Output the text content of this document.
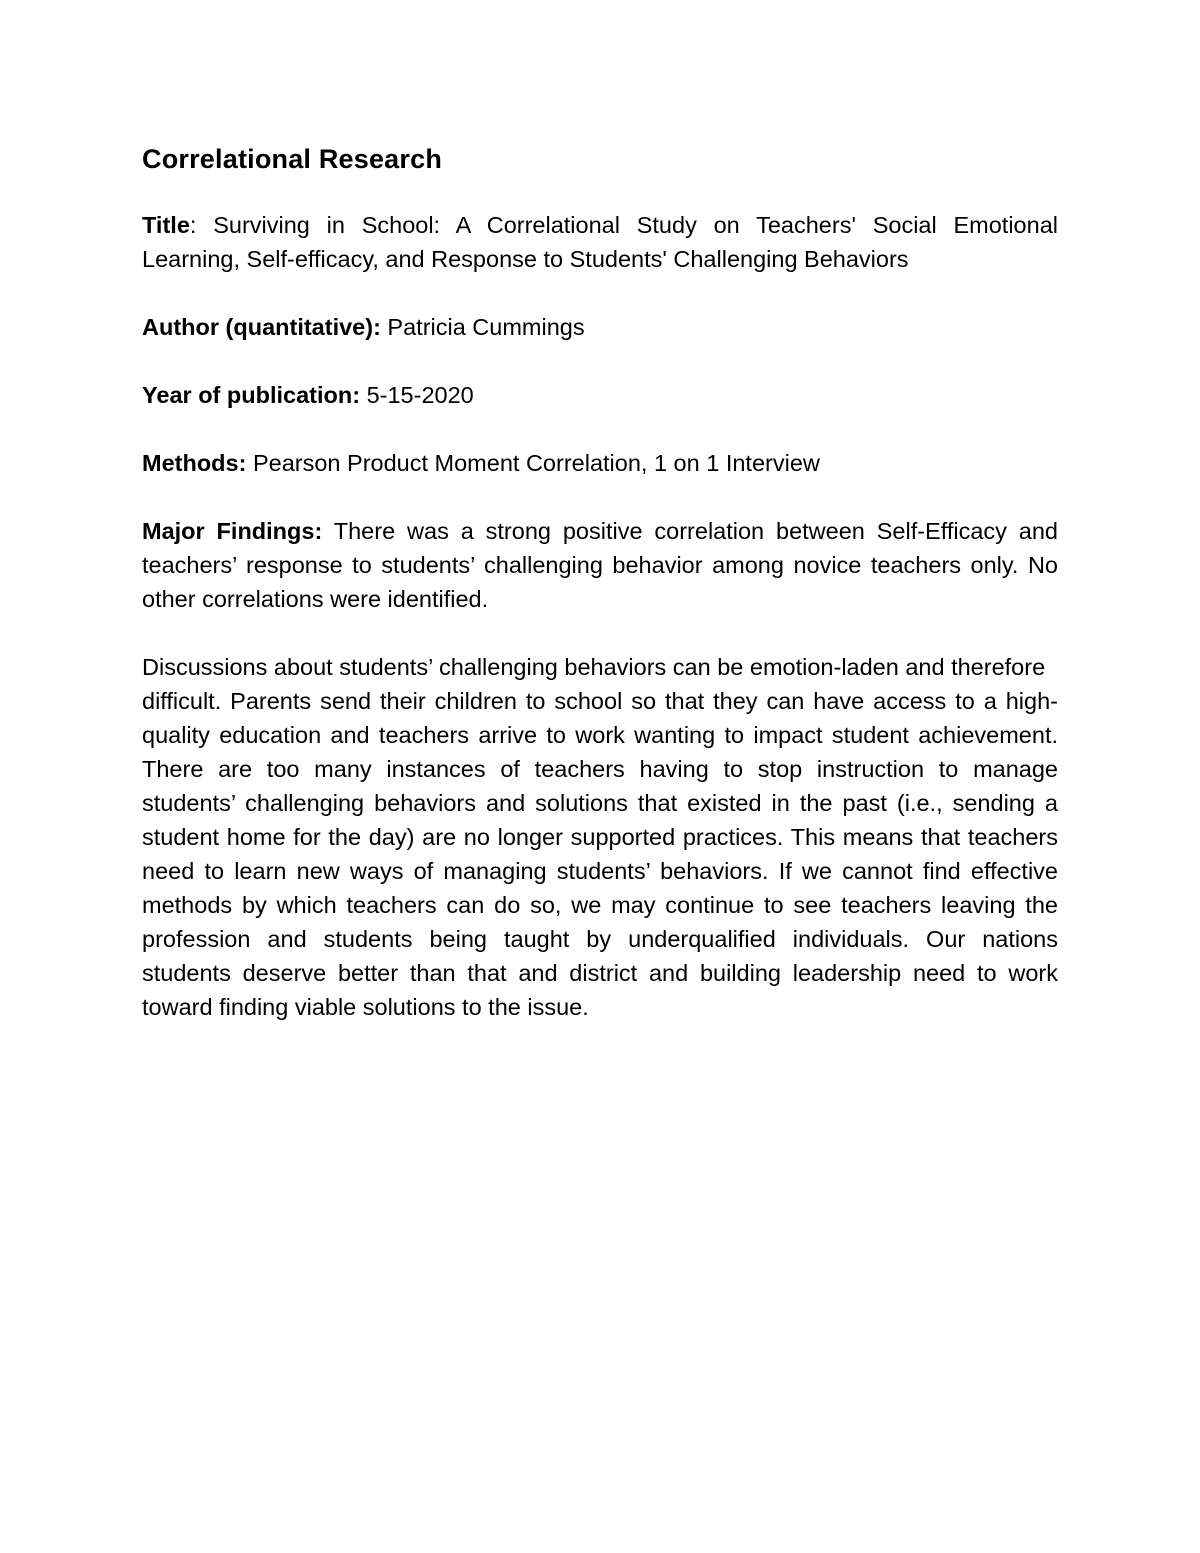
Correlational Research

Title: Surviving in School: A Correlational Study on Teachers' Social Emotional Learning, Self-efficacy, and Response to Students' Challenging Behaviors

Author (quantitative): Patricia Cummings

Year of publication: 5-15-2020

Methods: Pearson Product Moment Correlation, 1 on 1 Interview

Major Findings: There was a strong positive correlation between Self-Efficacy and teachers’ response to students’ challenging behavior among novice teachers only. No other correlations were identified.

Discussions about students’ challenging behaviors can be emotion-laden and therefore

difficult. Parents send their children to school so that they can have access to a high-quality education and teachers arrive to work wanting to impact student achievement. There are too many instances of teachers having to stop instruction to manage students’ challenging behaviors and solutions that existed in the past (i.e., sending a student home for the day) are no longer supported practices. This means that teachers need to learn new ways of managing students’ behaviors. If we cannot find effective methods by which teachers can do so, we may continue to see teachers leaving the profession and students being taught by underqualified individuals. Our nations students deserve better than that and district and building leadership need to work toward finding viable solutions to the issue.
